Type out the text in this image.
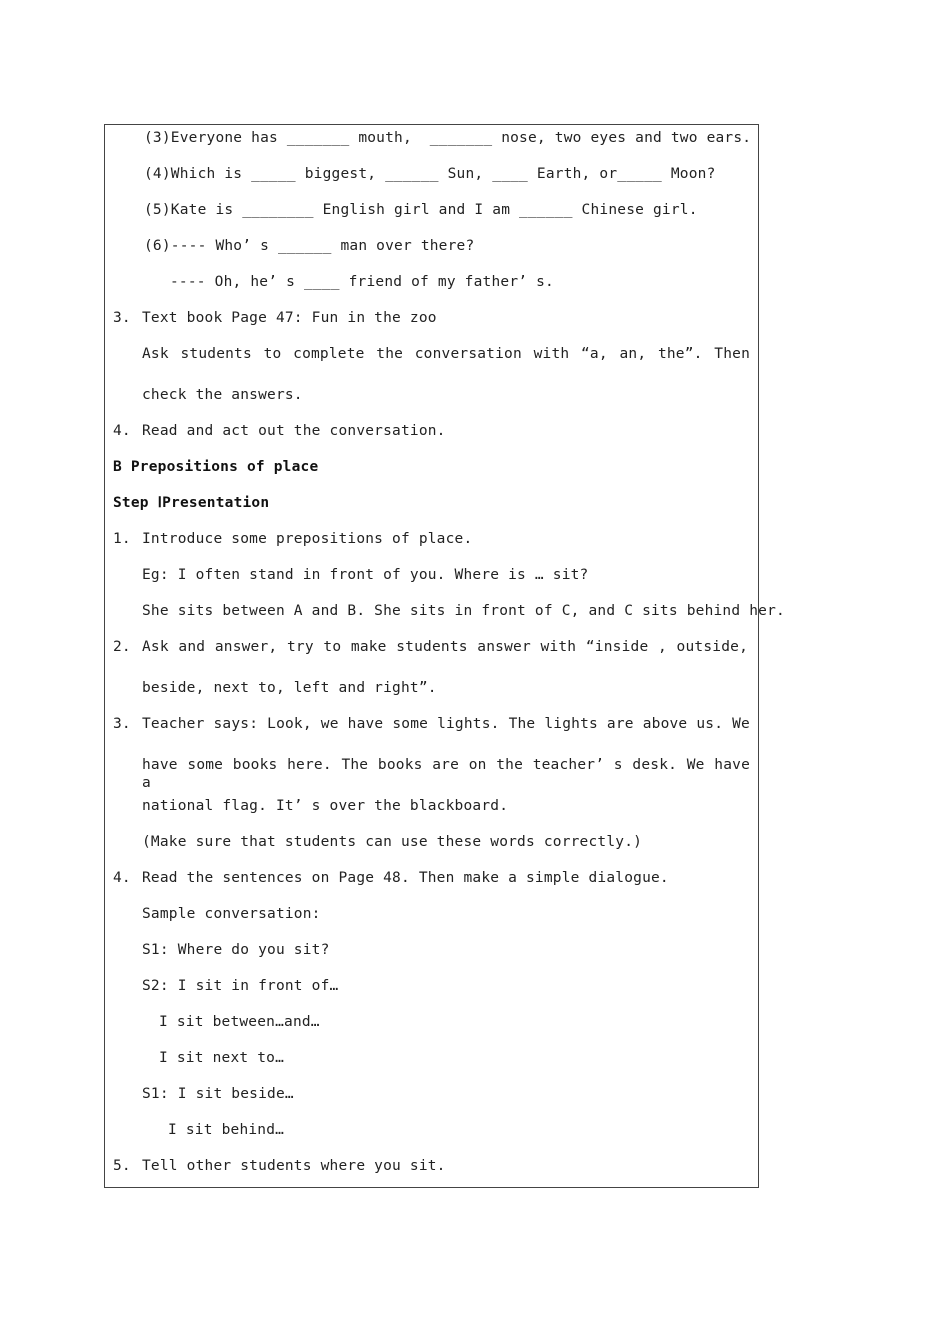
(3)Everyone has _______ mouth,  _______ nose, two eyes and two ears.
(4)Which is _____ biggest, ______ Sun, ____ Earth, or_____ Moon?
(5)Kate is ________ English girl and I am ______ Chinese girl.
(6)---- Who’ s ______ man over there?
---- Oh, he’ s ____ friend of my father’ s.
3. Text book Page 47: Fun in the zoo
Ask students to complete the conversation with “a, an, the”. Then
check the answers.
4. Read and act out the conversation.
B Prepositions of place
Step ⅠPresentation
1. Introduce some prepositions of place.
Eg: I often stand in front of you. Where is … sit?
She sits between A and B. She sits in front of C, and C sits behind her.
2. Ask and answer, try to make students answer with “inside , outside,
beside, next to, left and right”.
3. Teacher says: Look, we have some lights. The lights are above us. We
have some books here. The books are on the teacher’ s desk. We have a
national flag. It’ s over the blackboard.
(Make sure that students can use these words correctly.)
4. Read the sentences on Page 48. Then make a simple dialogue.
Sample conversation:
S1: Where do you sit?
S2: I sit in front of…
I sit between…and…
I sit next to…
S1: I sit beside…
I sit behind…
5. Tell other students where you sit.
